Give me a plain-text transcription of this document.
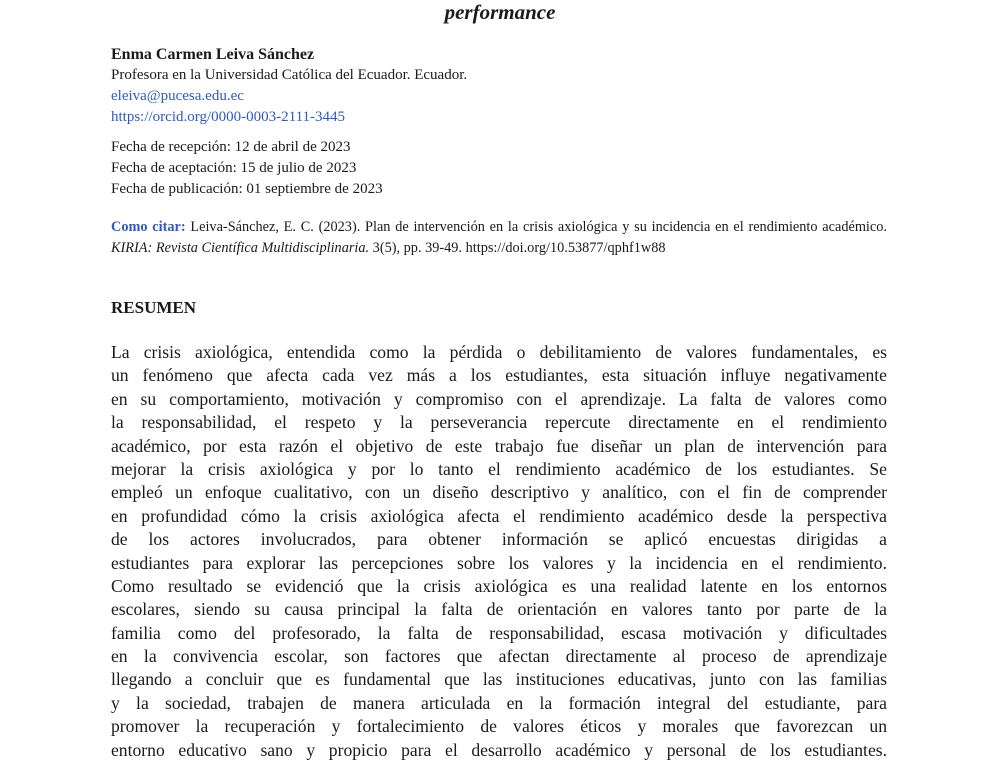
performance
Enma Carmen Leiva Sánchez
Profesora en la Universidad Católica del Ecuador. Ecuador.
eleiva@pucesa.edu.ec
https://orcid.org/0000-0003-2111-3445
Fecha de recepción: 12 de abril de 2023
Fecha de aceptación: 15 de julio de 2023
Fecha de publicación: 01 septiembre de 2023
Como citar: Leiva-Sánchez, E. C. (2023). Plan de intervención en la crisis axiológica y su incidencia en el rendimiento académico. KIRIA: Revista Científica Multidisciplinaria. 3(5), pp. 39-49. https://doi.org/10.53877/qphf1w88
RESUMEN
La crisis axiológica, entendida como la pérdida o debilitamiento de valores fundamentales, es
un fenómeno que afecta cada vez más a los estudiantes, esta situación influye negativamente
en su comportamiento, motivación y compromiso con el aprendizaje. La falta de valores como
la responsabilidad, el respeto y la perseverancia repercute directamente en el rendimiento
académico, por esta razón el objetivo de este trabajo fue diseñar un plan de intervención para
mejorar la crisis axiológica y por lo tanto el rendimiento académico de los estudiantes. Se
empleó un enfoque cualitativo, con un diseño descriptivo y analítico, con el fin de comprender
en profundidad cómo la crisis axiológica afecta el rendimiento académico desde la perspectiva
de los actores involucrados, para obtener información se aplicó encuestas dirigidas a
estudiantes para explorar las percepciones sobre los valores y la incidencia en el rendimiento.
Como resultado se evidenció que la crisis axiológica es una realidad latente en los entornos
escolares, siendo su causa principal la falta de orientación en valores tanto por parte de la
familia como del profesorado, la falta de responsabilidad, escasa motivación y dificultades
en la convivencia escolar, son factores que afectan directamente al proceso de aprendizaje
llegando a concluir que es fundamental que las instituciones educativas, junto con las familias
y la sociedad, trabajen de manera articulada en la formación integral del estudiante, para
promover la recuperación y fortalecimiento de valores éticos y morales que favorezcan un
entorno educativo sano y propicio para el desarrollo académico y personal de los estudiantes.
